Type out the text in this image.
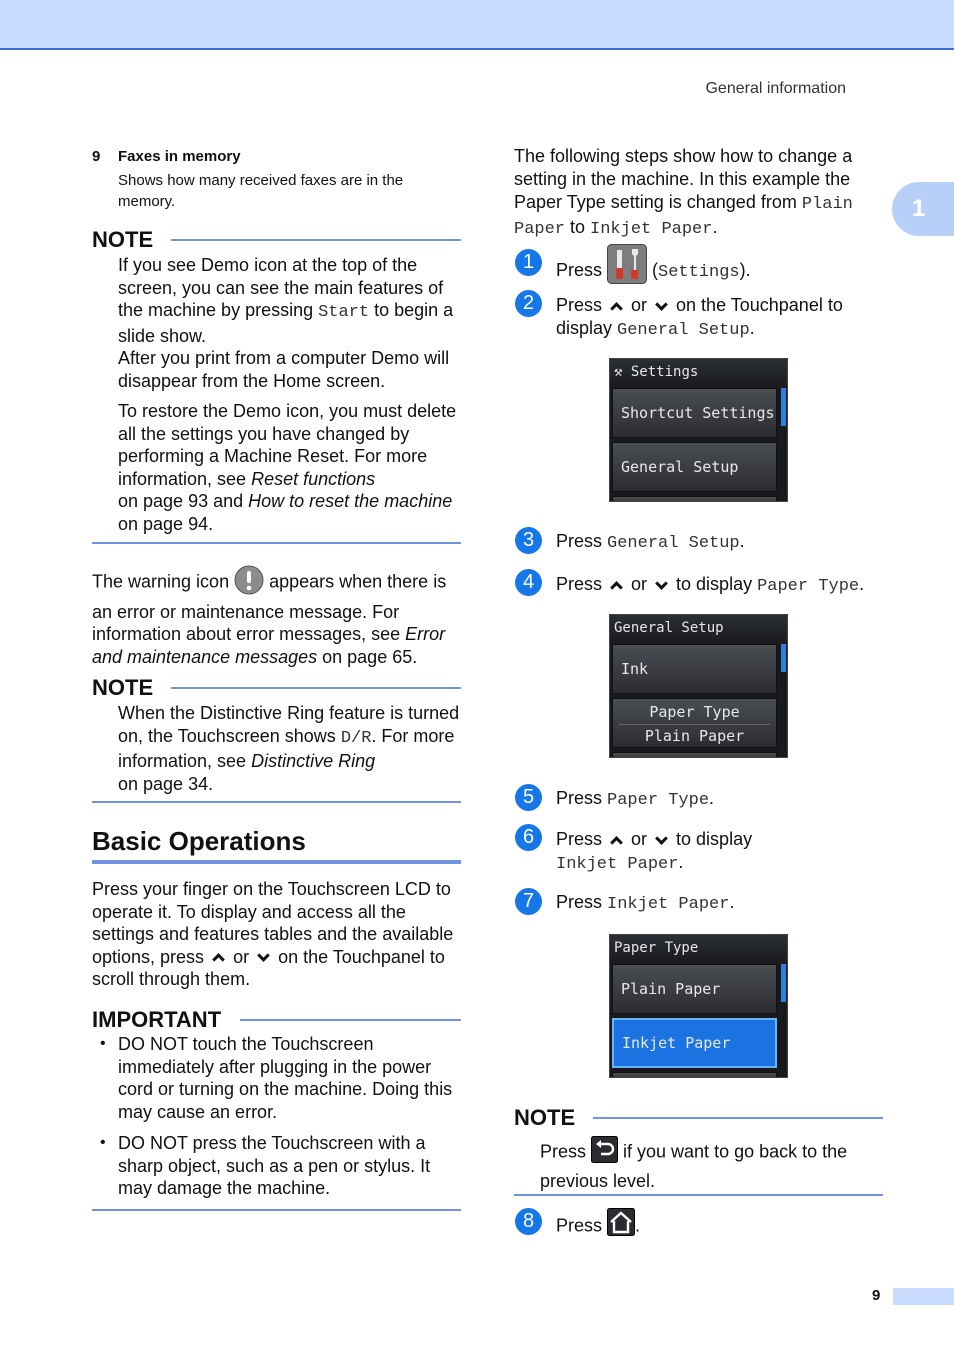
General information
1
9
9 Faxes in memory
Shows how many received faxes are in the memory.
NOTE

If you see Demo icon at the top of the screen, you can see the main features of the machine by pressing Start to begin a slide show.

After you print from a computer Demo will disappear from the Home screen.

To restore the Demo icon, you must delete all the settings you have changed by performing a Machine Reset. For more information, see Reset functions
on page 93 and How to reset the machine
on page 94.

The warning icon  appears when there is an error or maintenance message. For information about error messages, see Error and maintenance messages on page 65.
NOTE
When the Distinctive Ring feature is turned on, the Touchscreen shows D/R. For more information, see Distinctive Ring
on page 34.
Basic Operations
Press your finger on the Touchscreen LCD to operate it. To display and access all the settings and features tables and the available options, press  or  on the Touchpanel to scroll through them.
IMPORTANT
• DO NOT touch the Touchscreen immediately after plugging in the power cord or turning on the machine. Doing this may cause an error.
• DO NOT press the Touchscreen with a sharp object, such as a pen or stylus. It may damage the machine.
The following steps show how to change a setting in the machine. In this example the Paper Type setting is changed from Plain Paper to Inkjet Paper.
1	Press  (Settings).
2	Press  or  on the Touchpanel to display General Setup.
⚒ Settings
Shortcut Settings
General Setup
3	Press General Setup.
4	Press  or  to display Paper Type.
General Setup
Ink
Paper Type
Plain Paper
5	Press Paper Type.
6	Press  or  to display
Inkjet Paper.
7	Press Inkjet Paper.
Paper Type
Plain Paper
Inkjet Paper
NOTE
Press  if you want to go back to the previous level.
8	Press .
